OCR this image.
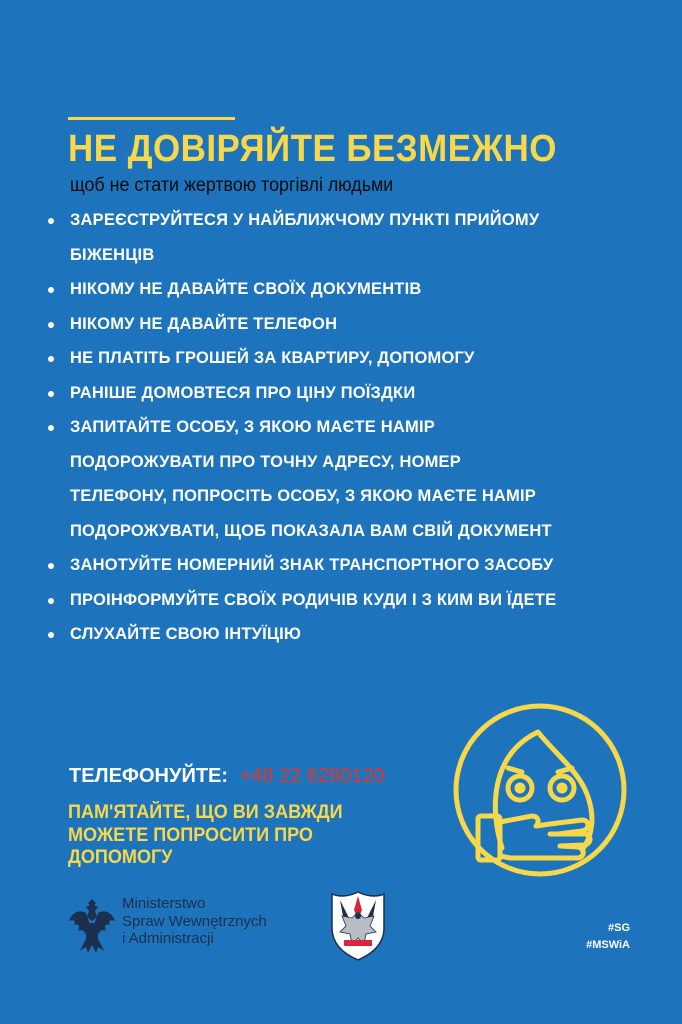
НЕ ДОВІРЯЙТЕ БЕЗМЕЖНО
щоб не стати жертвою торгівлі людьми
ЗАРЕЄСТРУЙТЕСЯ У НАЙБЛИЖЧОМУ ПУНКТІ ПРИЙОМУ БІЖЕНЦІВ
НІКОМУ НЕ ДАВАЙТЕ СВОЇХ ДОКУМЕНТІВ
НІКОМУ НЕ ДАВАЙТЕ ТЕЛЕФОН
НЕ ПЛАТІТЬ ГРОШЕЙ ЗА КВАРТИРУ, ДОПОМОГУ
РАНІШЕ ДОМОВТЕСЯ ПРО ЦІНУ ПОЇЗДКИ
ЗАПИТАЙТЕ ОСОБУ, З ЯКОЮ МАЄТЕ НАМІР ПОДОРОЖУВАТИ ПРО ТОЧНУ АДРЕСУ, НОМЕР ТЕЛЕФОНУ, ПОПРОСІТЬ ОСОБУ, З ЯКОЮ МАЄТЕ НАМІР ПОДОРОЖУВАТИ, ЩОБ ПОКАЗАЛА ВАМ СВІЙ ДОКУМЕНТ
ЗАНОТУЙТЕ НОМЕРНИЙ ЗНАК ТРАНСПОРТНОГО ЗАСОБУ
ПРОІНФОРМУЙТЕ СВОЇХ РОДИЧІВ КУДИ І З КИМ ВИ ЇДЕТЕ
СЛУХАЙТЕ СВОЮ ІНТУЇЦІЮ
ТЕЛЕФОНУЙТЕ: +48 22 6280120
ПАМ'ЯТАЙТЕ, ЩО ВИ ЗАВЖДИ МОЖЕТЕ ПОПРОСИТИ ПРО ДОПОМОГУ
Ministerstwo
Spraw Wewnętrznych
i Administracji
#SG
#MSWiA
